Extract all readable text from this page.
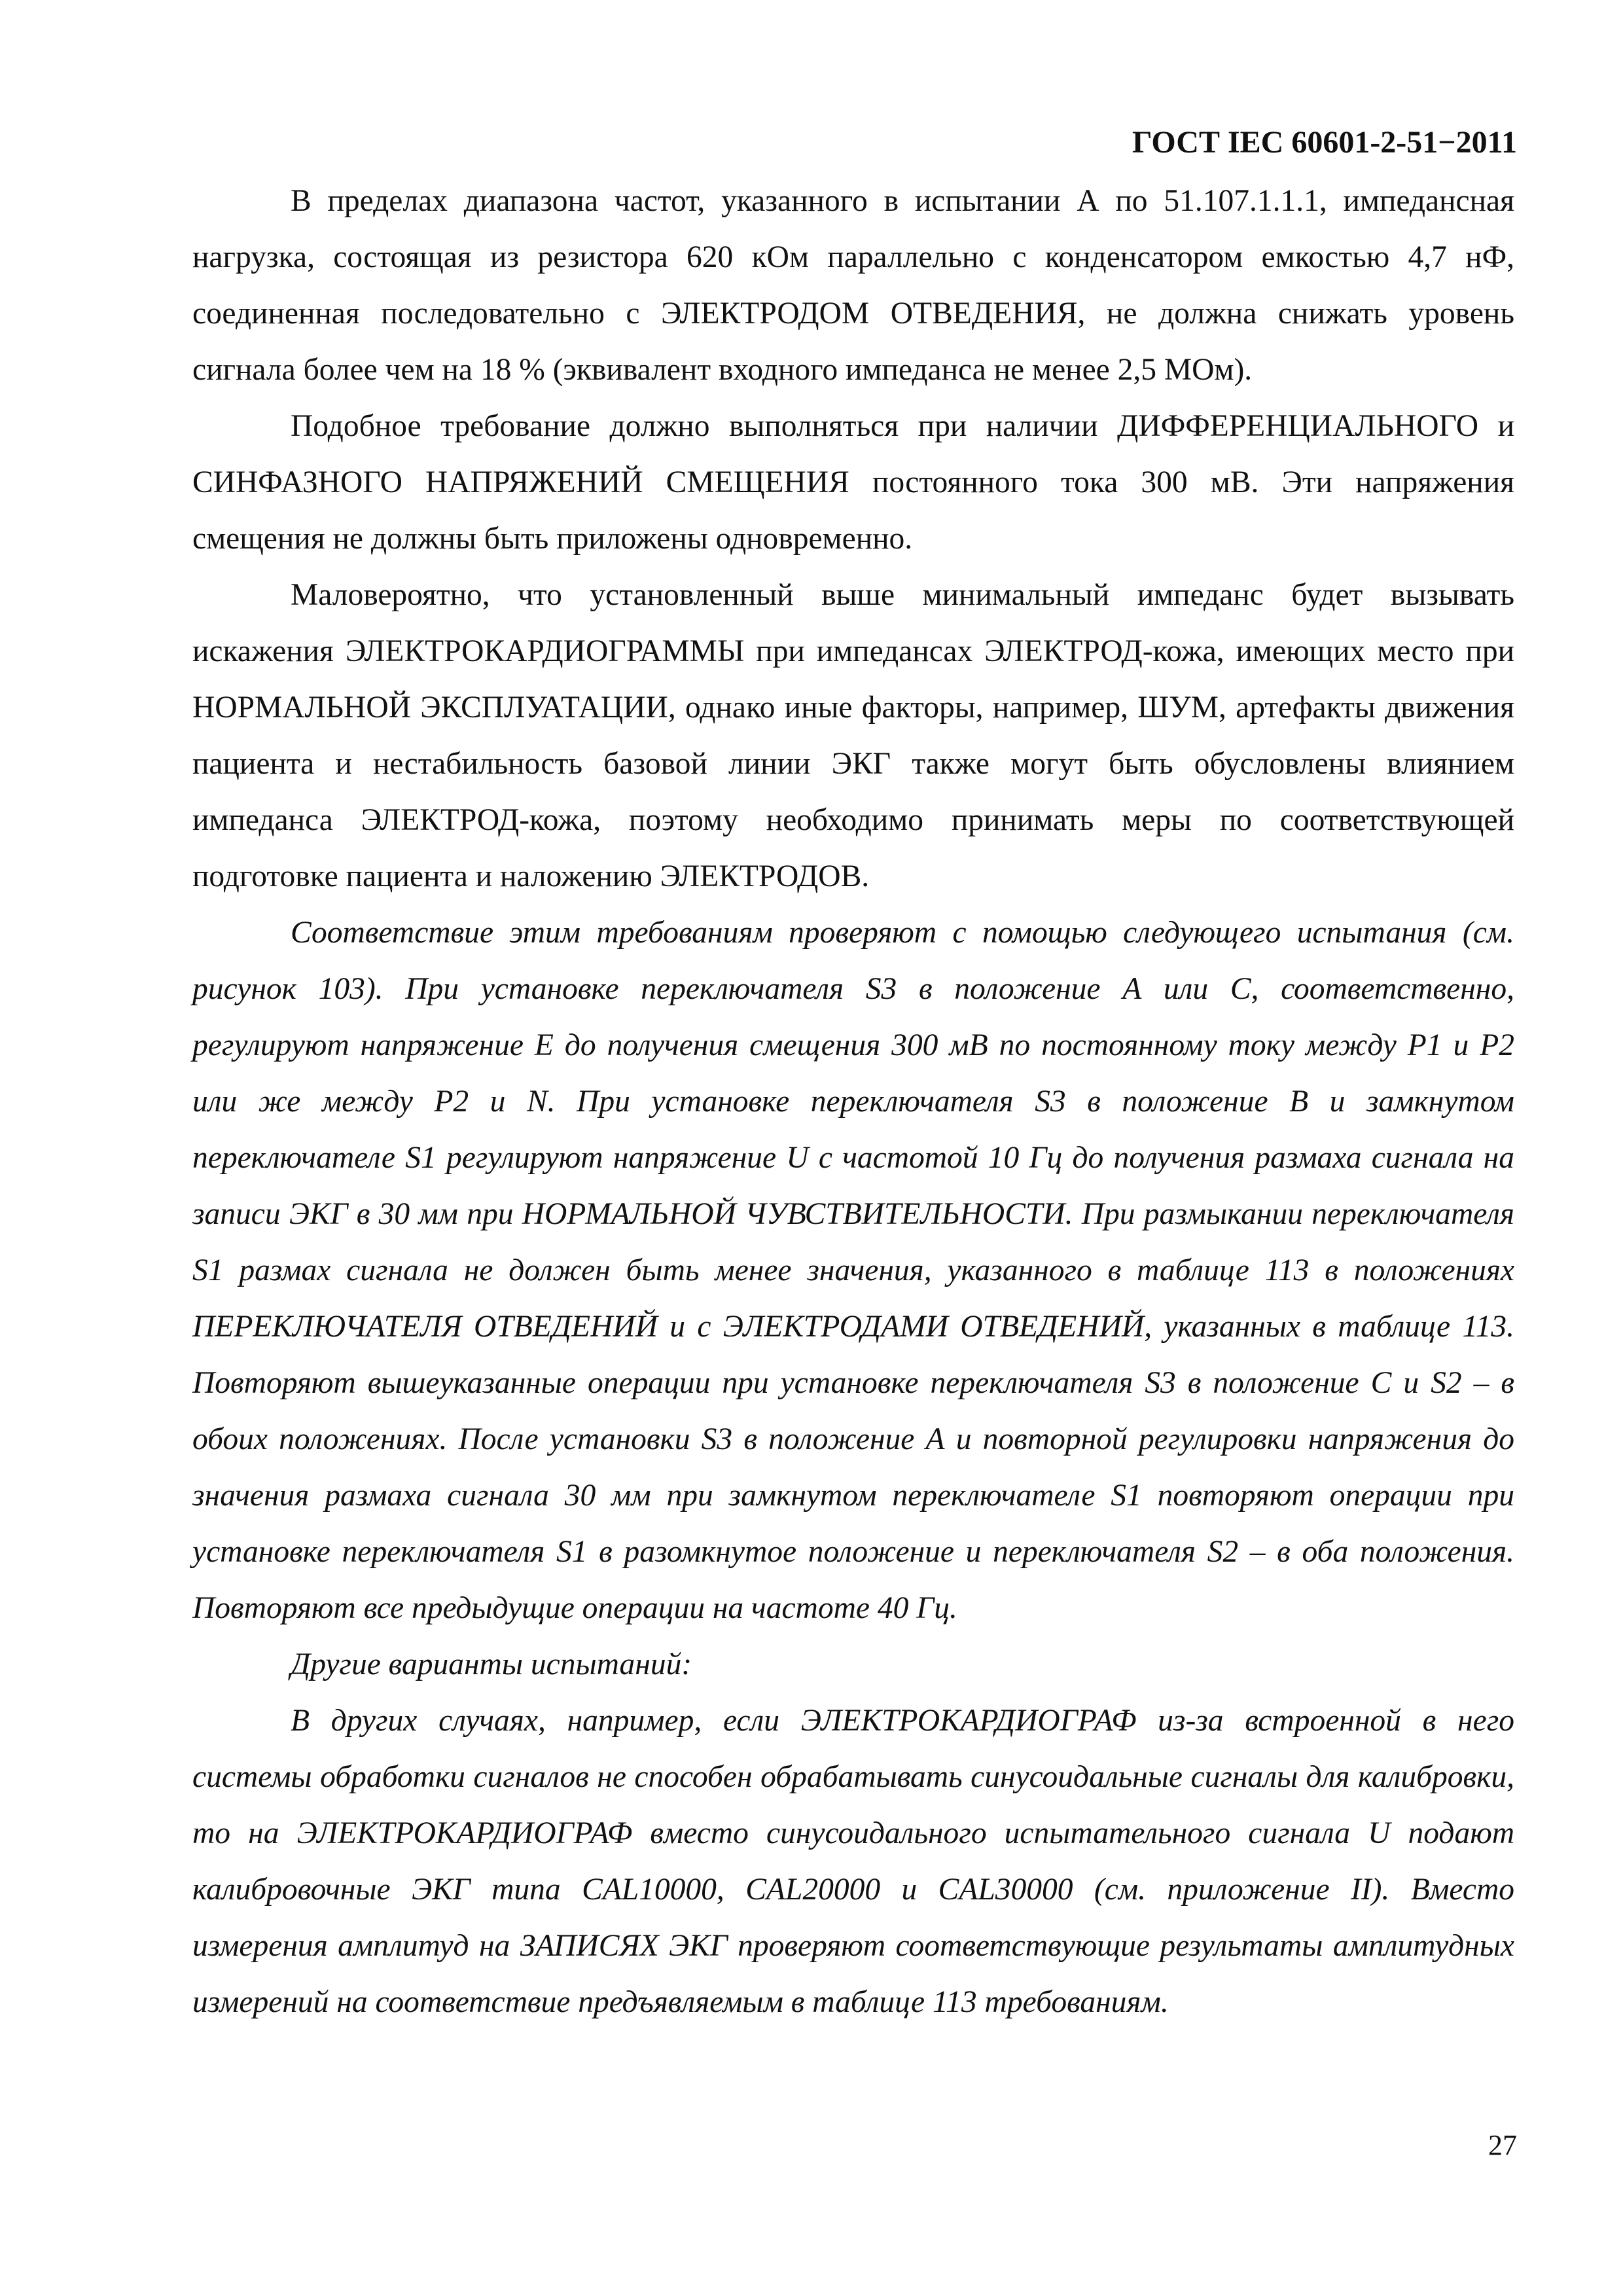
ГОСТ IEC 60601-2-51−2011

В пределах диапазона частот, указанного в испытании А по 51.107.1.1.1, импедансная нагрузка, состоящая из резистора 620 кОм параллельно с конденсатором емкостью 4,7 нФ, соединенная последовательно с ЭЛЕКТРОДОМ ОТВЕДЕНИЯ, не должна снижать уровень сигнала более чем на 18 % (эквивалент входного импеданса не менее 2,5 МОм).

Подобное требование должно выполняться при наличии ДИФФЕРЕНЦИАЛЬНОГО и СИНФАЗНОГО НАПРЯЖЕНИЙ СМЕЩЕНИЯ постоянного тока 300 мВ. Эти напряжения смещения не должны быть приложены одновременно.

Маловероятно, что установленный выше минимальный импеданс будет вызывать искажения ЭЛЕКТРОКАРДИОГРАММЫ при импедансах ЭЛЕКТРОД-кожа, имеющих место при НОРМАЛЬНОЙ ЭКСПЛУАТАЦИИ, однако иные факторы, например, ШУМ, артефакты движения пациента и нестабильность базовой линии ЭКГ также могут быть обусловлены влиянием импеданса ЭЛЕКТРОД-кожа, поэтому необходимо принимать меры по соответствующей подготовке пациента и наложению ЭЛЕКТРОДОВ.

Соответствие этим требованиям проверяют с помощью следующего испытания (см. рисунок 103). При установке переключателя S3 в положение А или С, соответственно, регулируют напряжение Е до получения смещения 300 мВ по постоянному току между Р1 и Р2 или же между Р2 и N. При установке переключателя S3 в положение В и замкнутом переключателе S1 регулируют напряжение U с частотой 10 Гц до получения размаха сигнала на записи ЭКГ в 30 мм при НОРМАЛЬНОЙ ЧУВСТВИТЕЛЬНОСТИ. При размыкании переключателя S1 размах сигнала не должен быть менее значения, указанного в таблице 113 в положениях ПЕРЕКЛЮЧАТЕЛЯ ОТВЕДЕНИЙ и с ЭЛЕКТРОДАМИ ОТВЕДЕНИЙ, указанных в таблице 113. Повторяют вышеуказанные операции при установке переключателя S3 в положение С и S2 – в обоих положениях. После установки S3 в положение А и повторной регулировки напряжения до значения размаха сигнала 30 мм при замкнутом переключателе S1 повторяют операции при установке переключателя S1 в разомкнутое положение и переключателя S2 – в оба положения. Повторяют все предыдущие операции на частоте 40 Гц.

Другие варианты испытаний:

В других случаях, например, если ЭЛЕКТРОКАРДИОГРАФ из-за встроенной в него системы обработки сигналов не способен обрабатывать синусоидальные сигналы для калибровки, то на ЭЛЕКТРОКАРДИОГРАФ вместо синусоидального испытательного сигнала U подают калибровочные ЭКГ типа CAL10000, CAL20000 и CAL30000 (см. приложение II). Вместо измерения амплитуд на ЗАПИСЯХ ЭКГ проверяют соответствующие результаты амплитудных измерений на соответствие предъявляемым в таблице 113 требованиям.

27
